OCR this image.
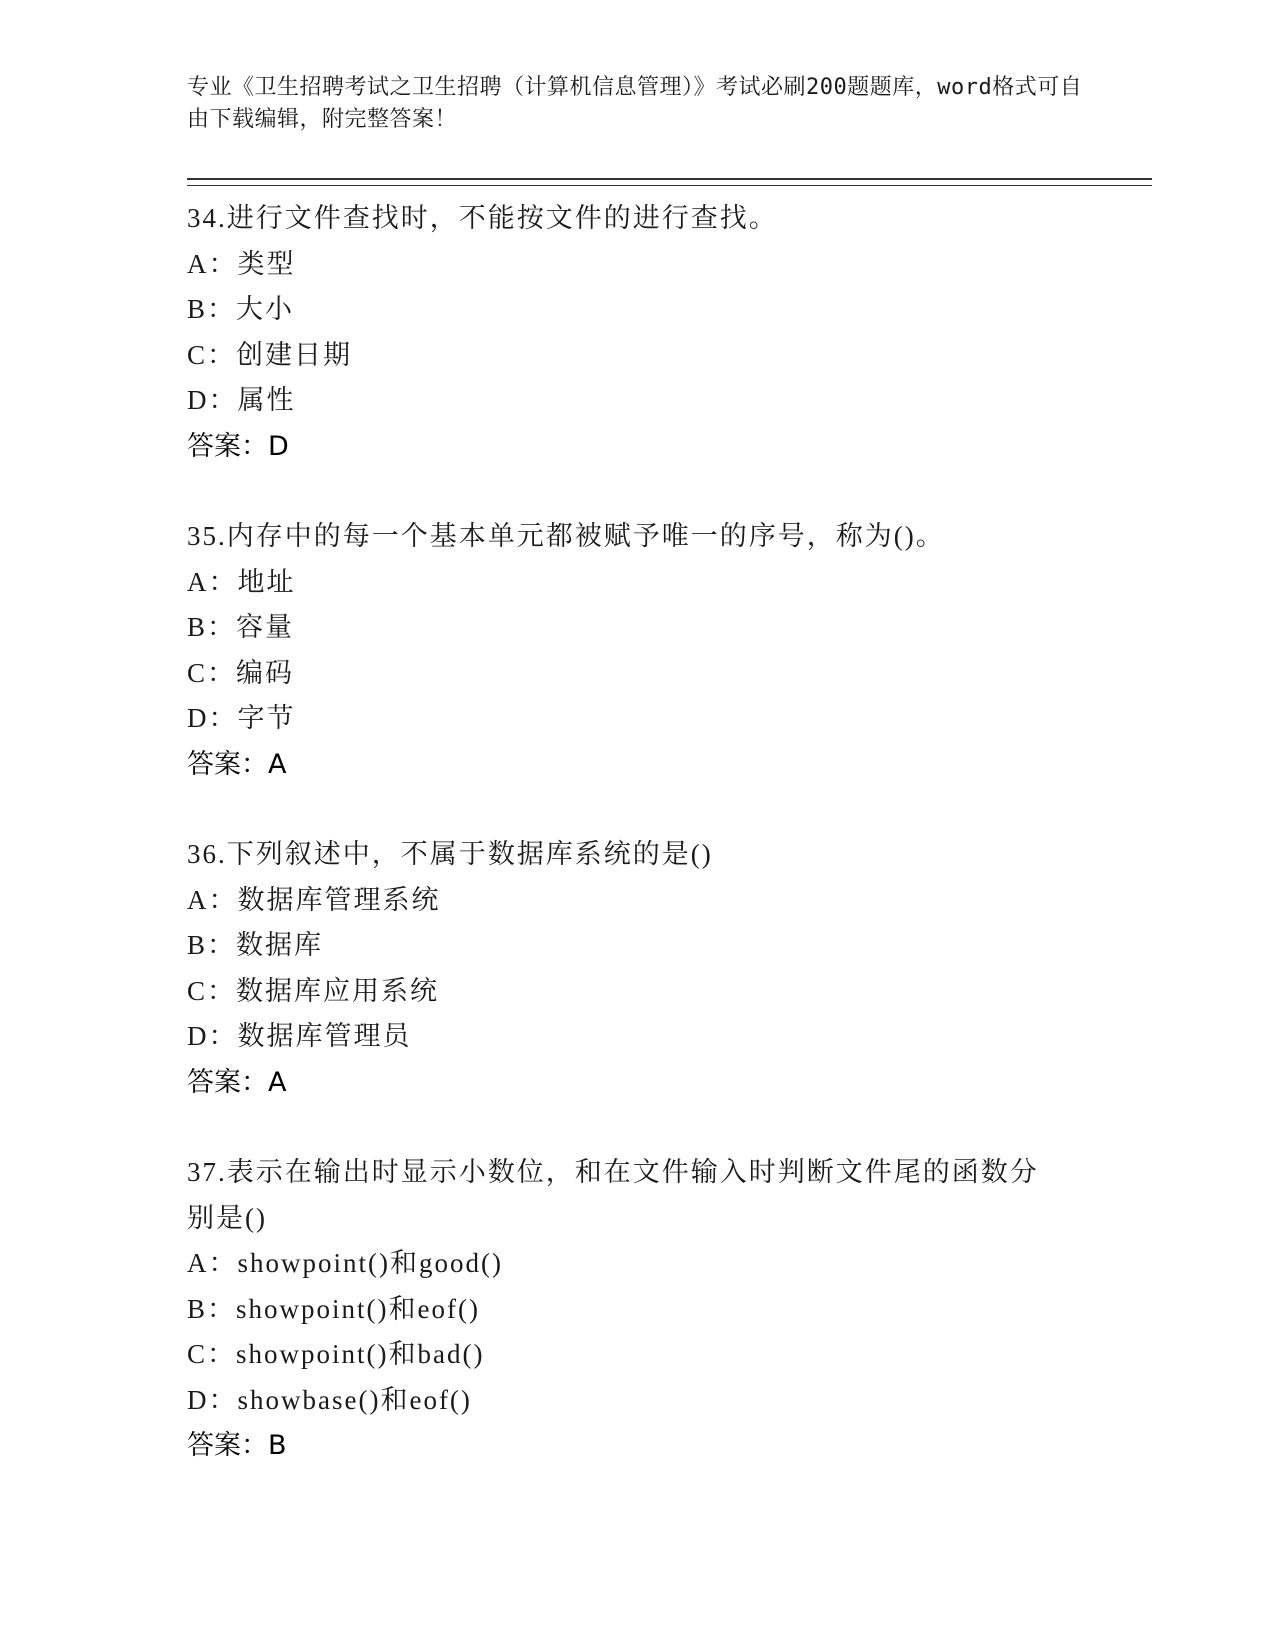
专业《卫生招聘考试之卫生招聘（计算机信息管理）》考试必刷200题题库，word格式可自由下载编辑，附完整答案！

34.进行文件查找时，不能按文件的进行查找。

A：类型

B：大小

C：创建日期

D：属性

答案：D

35.内存中的每一个基本单元都被赋予唯一的序号，称为()。

A：地址

B：容量

C：编码

D：字节

答案：A

36.下列叙述中，不属于数据库系统的是()

A：数据库管理系统

B：数据库

C：数据库应用系统

D：数据库管理员

答案：A

37.表示在输出时显示小数位，和在文件输入时判断文件尾的函数分别是()

A：showpoint()和good()

B：showpoint()和eof()

C：showpoint()和bad()

D：showbase()和eof()

答案：B
